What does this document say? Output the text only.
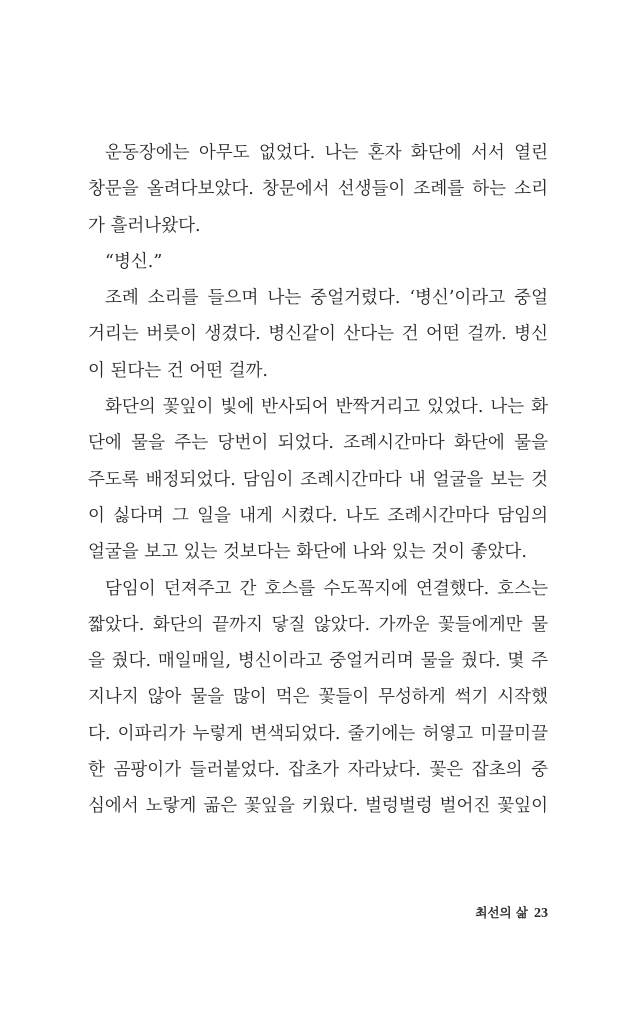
운동장에는 아무도 없었다. 나는 혼자 화단에 서서 열린
창문을 올려다보았다. 창문에서 선생들이 조례를 하는 소리
가 흘러나왔다.
“병신.”
조례 소리를 들으며 나는 중얼거렸다. ‘병신’이라고 중얼
거리는 버릇이 생겼다. 병신같이 산다는 건 어떤 걸까. 병신
이 된다는 건 어떤 걸까.
화단의 꽃잎이 빛에 반사되어 반짝거리고 있었다. 나는 화
단에 물을 주는 당번이 되었다. 조례시간마다 화단에 물을
주도록 배정되었다. 담임이 조례시간마다 내 얼굴을 보는 것
이 싫다며 그 일을 내게 시켰다. 나도 조례시간마다 담임의
얼굴을 보고 있는 것보다는 화단에 나와 있는 것이 좋았다.
담임이 던져주고 간 호스를 수도꼭지에 연결했다. 호스는
짧았다. 화단의 끝까지 닿질 않았다. 가까운 꽃들에게만 물
을 줬다. 매일매일, 병신이라고 중얼거리며 물을 줬다. 몇 주
지나지 않아 물을 많이 먹은 꽃들이 무성하게 썩기 시작했
다. 이파리가 누렇게 변색되었다. 줄기에는 허옇고 미끌미끌
한 곰팡이가 들러붙었다. 잡초가 자라났다. 꽃은 잡초의 중
심에서 노랗게 곪은 꽃잎을 키웠다. 벌렁벌렁 벌어진 꽃잎이
최선의 삶 23
